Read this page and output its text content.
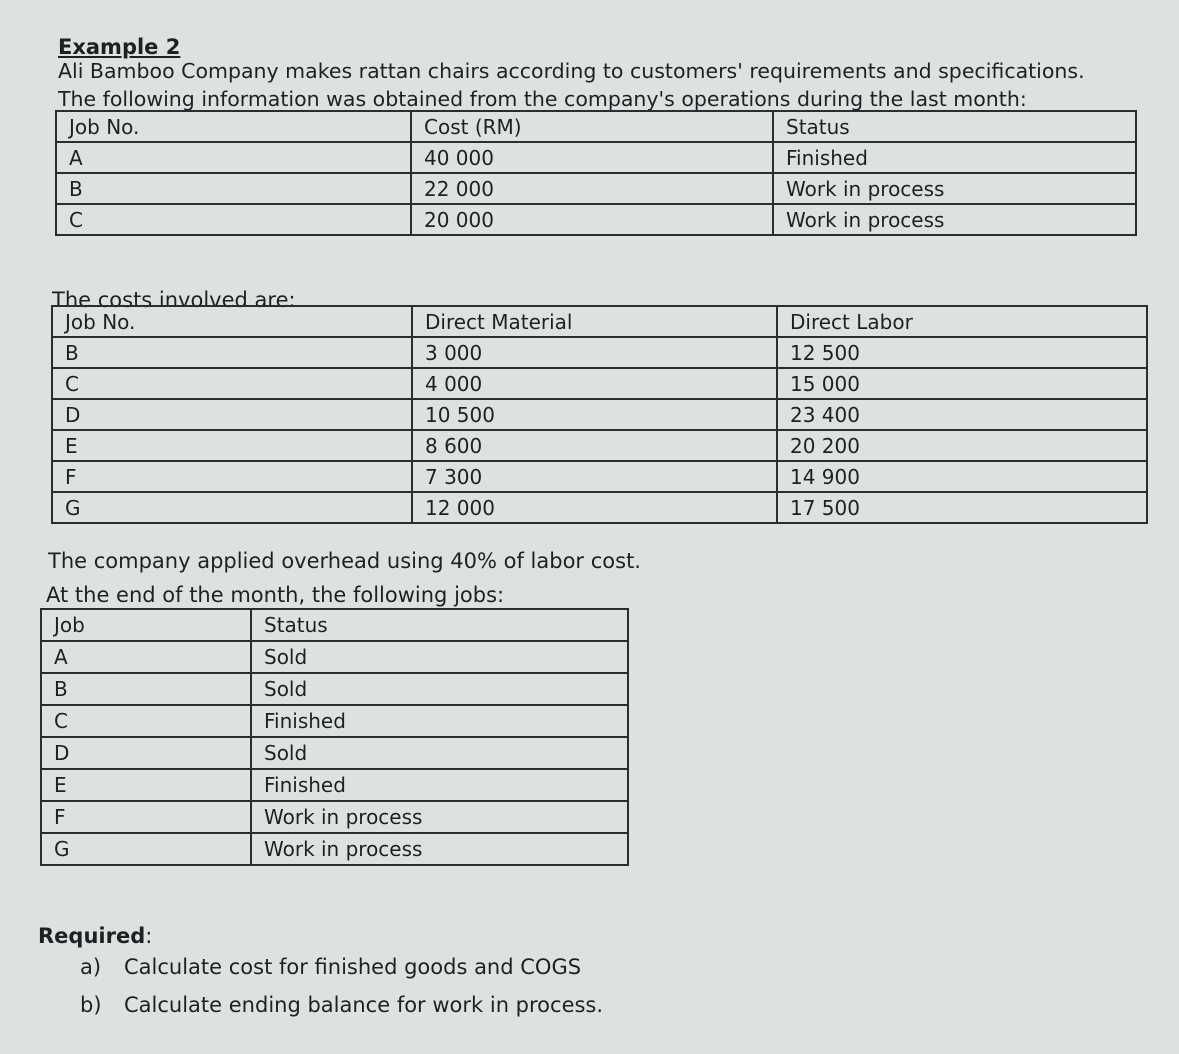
Example 2
Ali Bamboo Company makes rattan chairs according to customers' requirements and specifications.
The following information was obtained from the company's operations during the last month:
Job No.	Cost (RM)	Status
A	40 000	Finished
B	22 000	Work in process
C	20 000	Work in process
The costs involved are:
Job No.	Direct Material	Direct Labor
B	3 000	12 500
C	4 000	15 000
D	10 500	23 400
E	8 600	20 200
F	7 300	14 900
G	12 000	17 500
The company applied overhead using 40% of labor cost.
At the end of the month, the following jobs:
Job	Status
A	Sold
B	Sold
C	Finished
D	Sold
E	Finished
F	Work in process
G	Work in process
Required:
a) Calculate cost for finished goods and COGS
b) Calculate ending balance for work in process.
